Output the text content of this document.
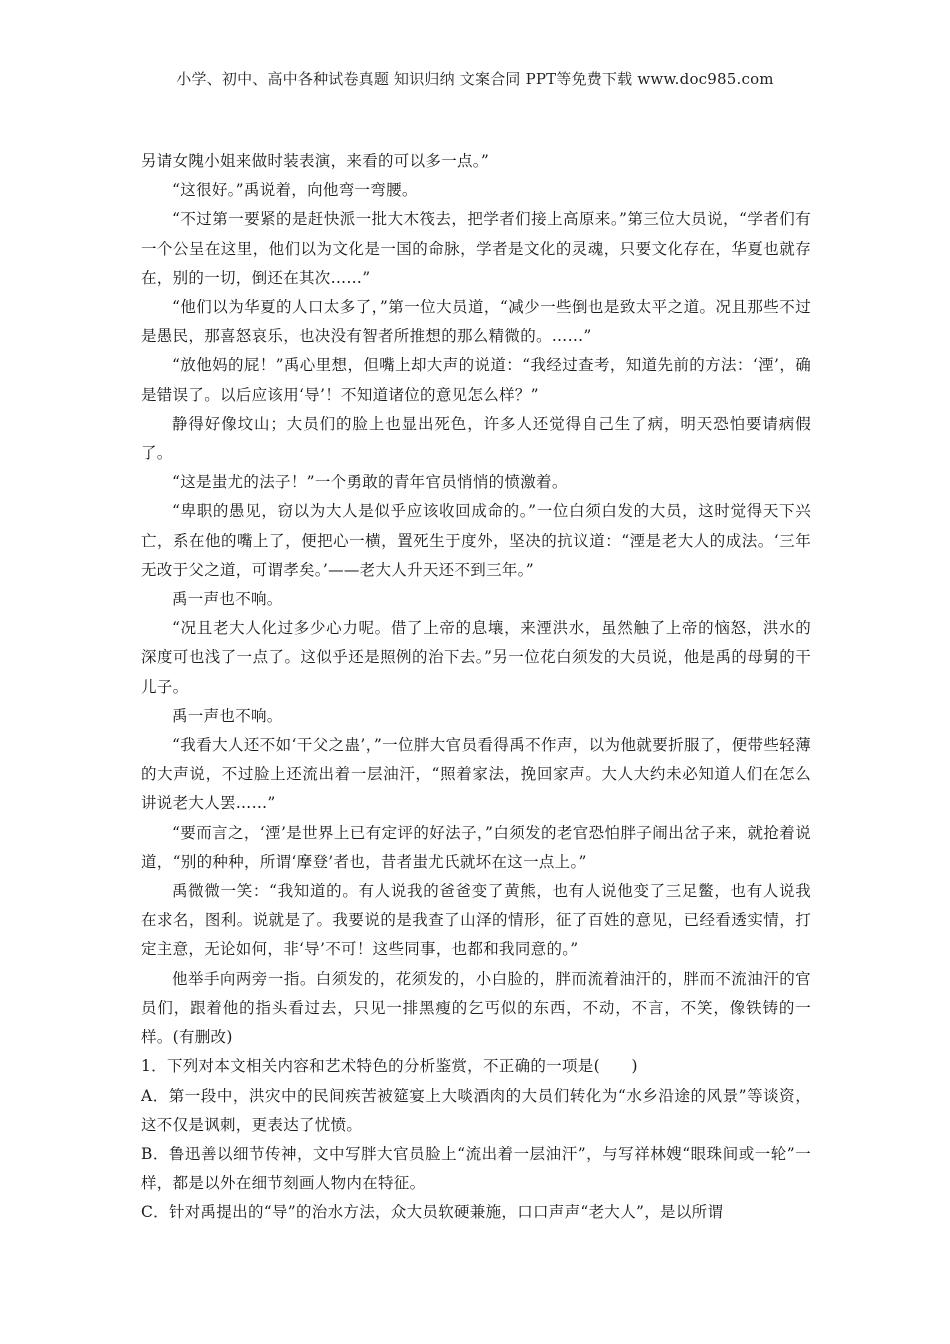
小学、初中、高中各种试卷真题 知识归纳 文案合同 PPT等免费下载 www.doc985.com

另请女隗小姐来做时装表演，来看的可以多一点。”

“这很好。”禹说着，向他弯一弯腰。

“不过第一要紧的是赶快派一批大木筏去，把学者们接上高原来。”第三位大员说，“学者们有一个公呈在这里，他们以为文化是一国的命脉，学者是文化的灵魂，只要文化存在，华夏也就存在，别的一切，倒还在其次……”

“他们以为华夏的人口太多了，”第一位大员道，“减少一些倒也是致太平之道。况且那些不过是愚民，那喜怒哀乐，也决没有智者所推想的那么精微的。……”

“放他妈的屁！”禹心里想，但嘴上却大声的说道：“我经过查考，知道先前的方法：‘湮’，确是错误了。以后应该用‘导’！不知道诸位的意见怎么样？”

静得好像坟山；大员们的脸上也显出死色，许多人还觉得自己生了病，明天恐怕要请病假了。

“这是蚩尤的法子！”一个勇敢的青年官员悄悄的愤激着。

“卑职的愚见，窃以为大人是似乎应该收回成命的。”一位白须白发的大员，这时觉得天下兴亡，系在他的嘴上了，便把心一横，置死生于度外，坚决的抗议道：“湮是老大人的成法。‘三年无改于父之道，可谓孝矣。’——老大人升天还不到三年。”

禹一声也不响。

“况且老大人化过多少心力呢。借了上帝的息壤，来湮洪水，虽然触了上帝的恼怒，洪水的深度可也浅了一点了。这似乎还是照例的治下去。”另一位花白须发的大员说，他是禹的母舅的干儿子。

禹一声也不响。

“我看大人还不如‘干父之蛊’，”一位胖大官员看得禹不作声，以为他就要折服了，便带些轻薄的大声说，不过脸上还流出着一层油汗，“照着家法，挽回家声。大人大约未必知道人们在怎么讲说老大人罢……”

“要而言之，‘湮’是世界上已有定评的好法子，”白须发的老官恐怕胖子闹出岔子来，就抢着说道，“别的种种，所谓‘摩登’者也，昔者蚩尤氏就坏在这一点上。”

禹微微一笑：“我知道的。有人说我的爸爸变了黄熊，也有人说他变了三足鳖，也有人说我在求名，图利。说就是了。我要说的是我查了山泽的情形，征了百姓的意见，已经看透实情，打定主意，无论如何，非‘导’不可！这些同事，也都和我同意的。”

他举手向两旁一指。白须发的，花须发的，小白脸的，胖而流着油汗的，胖而不流油汗的官员们，跟着他的指头看过去，只见一排黑瘦的乞丐似的东西，不动，不言，不笑，像铁铸的一样。(有删改)

1．下列对本文相关内容和艺术特色的分析鉴赏，不正确的一项是(　　)

A．第一段中，洪灾中的民间疾苦被筵宴上大啖酒肉的大员们转化为“水乡沿途的风景”等谈资，这不仅是讽刺，更表达了忧愤。

B．鲁迅善以细节传神，文中写胖大官员脸上“流出着一层油汗”，与写祥林嫂“眼珠间或一轮”一样，都是以外在细节刻画人物内在特征。

C．针对禹提出的“导”的治水方法，众大员软硬兼施，口口声声“老大人”，是以所谓
